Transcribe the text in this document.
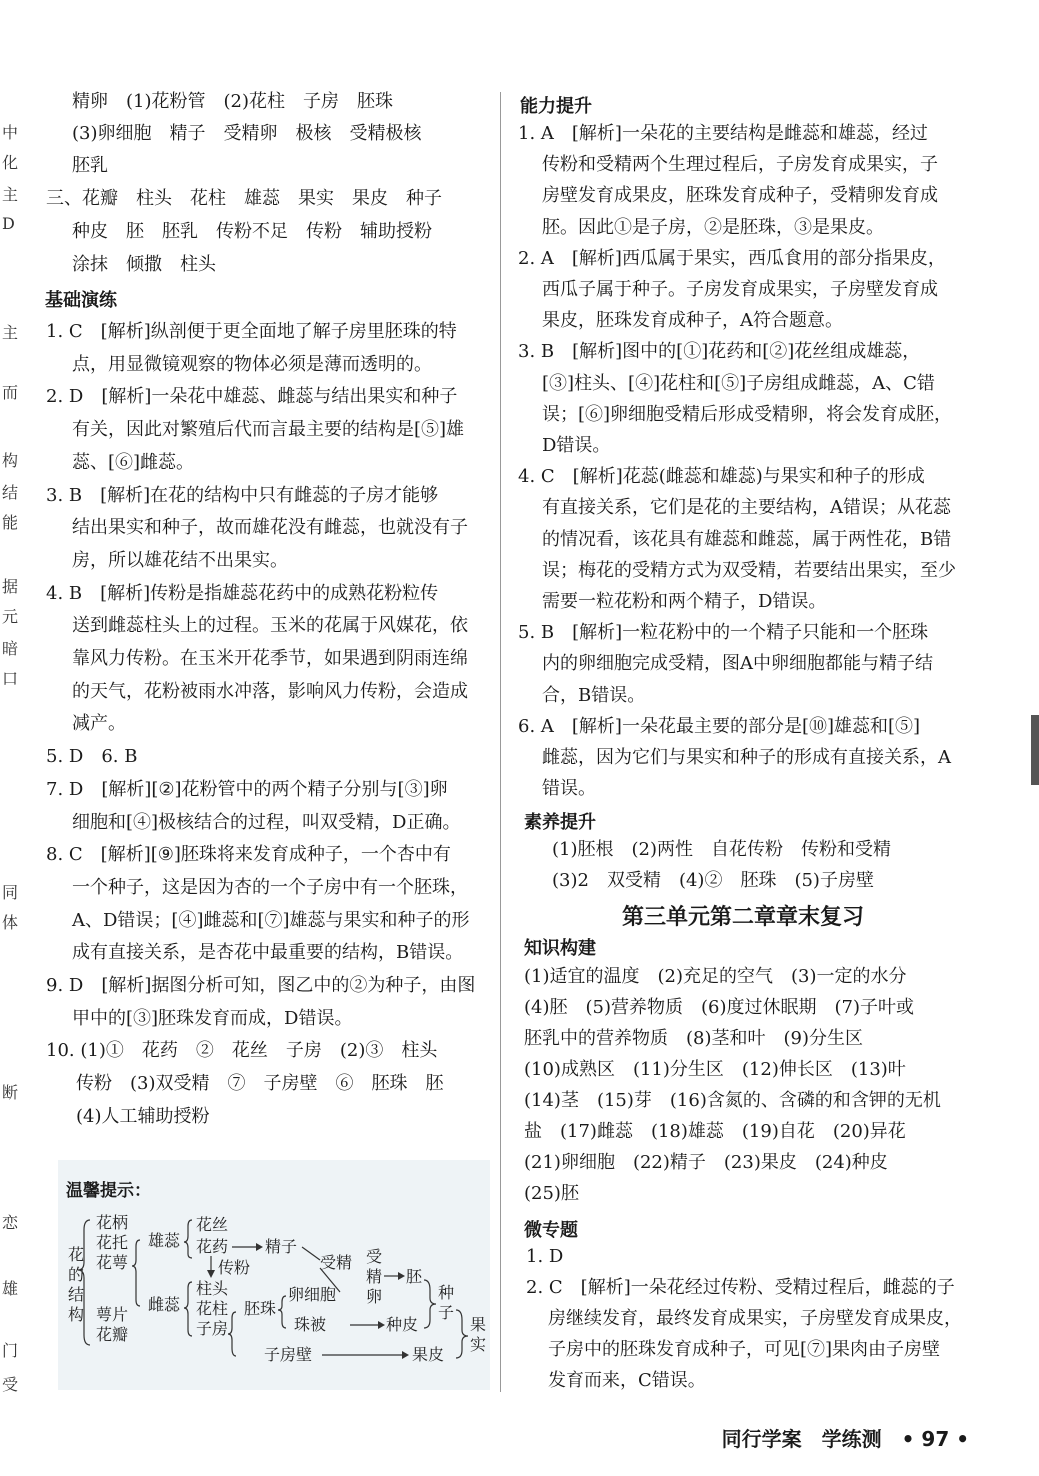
中
化
主
D
主
而
构
结
能
据
元
暗
口
同
体
断
恋
雄
门
受
精卵　(1)花粉管　(2)花柱　子房　胚珠
(3)卵细胞　精子　受精卵　极核　受精极核
胚乳
三、花瓣　柱头　花柱　雄蕊　果实　果皮　种子
种皮　胚　胚乳　传粉不足　传粉　辅助授粉
涂抹　倾撒　柱头
基础演练
1. C　[解析]纵剖便于更全面地了解子房里胚珠的特
点，用显微镜观察的物体必须是薄而透明的。
2. D　[解析]一朵花中雄蕊、雌蕊与结出果实和种子
有关，因此对繁殖后代而言最主要的结构是[⑤]雄
蕊、[⑥]雌蕊。
3. B　[解析]在花的结构中只有雌蕊的子房才能够
结出果实和种子，故而雄花没有雌蕊，也就没有子
房，所以雄花结不出果实。
4. B　[解析]传粉是指雄蕊花药中的成熟花粉粒传
送到雌蕊柱头上的过程。玉米的花属于风媒花，依
靠风力传粉。在玉米开花季节，如果遇到阴雨连绵
的天气，花粉被雨水冲落，影响风力传粉，会造成
减产。
5. D　6. B
7. D　[解析][②]花粉管中的两个精子分别与[③]卵
细胞和[④]极核结合的过程，叫双受精，D正确。
8. C　[解析][⑨]胚珠将来发育成种子，一个杏中有
一个种子，这是因为杏的一个子房中有一个胚珠，
A、D错误；[④]雌蕊和[⑦]雄蕊与果实和种子的形
成有直接关系，是杏花中最重要的结构，B错误。
9. D　[解析]据图分析可知，图乙中的②为种子，由图
甲中的[③]胚珠发育而成，D错误。
10. (1)①　花药　②　花丝　子房　(2)③　柱头
传粉　(3)双受精　⑦　子房壁　⑥　胚珠　胚
(4)人工辅助授粉
温馨提示：
花
的
结
构
花柄
花托
花萼
萼片
花瓣
雄蕊
雌蕊
花丝
花药 精子
传粉
柱头
花柱
子房
胚珠
卵细胞
珠被
子房壁
受精 受
精
卵
胚
种皮
种
子
果皮
果
实
能力提升
1. A　[解析]一朵花的主要结构是雌蕊和雄蕊，经过
传粉和受精两个生理过程后，子房发育成果实，子
房壁发育成果皮，胚珠发育成种子，受精卵发育成
胚。因此①是子房，②是胚珠，③是果皮。
2. A　[解析]西瓜属于果实，西瓜食用的部分指果皮，
西瓜子属于种子。子房发育成果实，子房壁发育成
果皮，胚珠发育成种子，A符合题意。
3. B　[解析]图中的[①]花药和[②]花丝组成雄蕊，
[③]柱头、[④]花柱和[⑤]子房组成雌蕊，A、C错
误；[⑥]卵细胞受精后形成受精卵，将会发育成胚，
D错误。
4. C　[解析]花蕊(雌蕊和雄蕊)与果实和种子的形成
有直接关系，它们是花的主要结构，A错误；从花蕊
的情况看，该花具有雄蕊和雌蕊，属于两性花，B错
误；梅花的受精方式为双受精，若要结出果实，至少
需要一粒花粉和两个精子，D错误。
5. B　[解析]一粒花粉中的一个精子只能和一个胚珠
内的卵细胞完成受精，图A中卵细胞都能与精子结
合，B错误。
6. A　[解析]一朵花最主要的部分是[⑩]雄蕊和[⑤]
雌蕊，因为它们与果实和种子的形成有直接关系，A
错误。
素养提升
(1)胚根　(2)两性　自花传粉　传粉和受精
(3)2　双受精　(4)②　胚珠　(5)子房壁
第三单元第二章章末复习
知识构建
(1)适宜的温度　(2)充足的空气　(3)一定的水分
(4)胚　(5)营养物质　(6)度过休眠期　(7)子叶或
胚乳中的营养物质　(8)茎和叶　(9)分生区
(10)成熟区　(11)分生区　(12)伸长区　(13)叶
(14)茎　(15)芽　(16)含氮的、含磷的和含钾的无机
盐　(17)雌蕊　(18)雄蕊　(19)自花　(20)异花
(21)卵细胞　(22)精子　(23)果皮　(24)种皮
(25)胚
微专题
1. D
2. C　[解析]一朵花经过传粉、受精过程后，雌蕊的子
房继续发育，最终发育成果实，子房壁发育成果皮，
子房中的胚珠发育成种子，可见[⑦]果肉由子房壁
发育而来，C错误。
同行学案　学练测　• 97 •
